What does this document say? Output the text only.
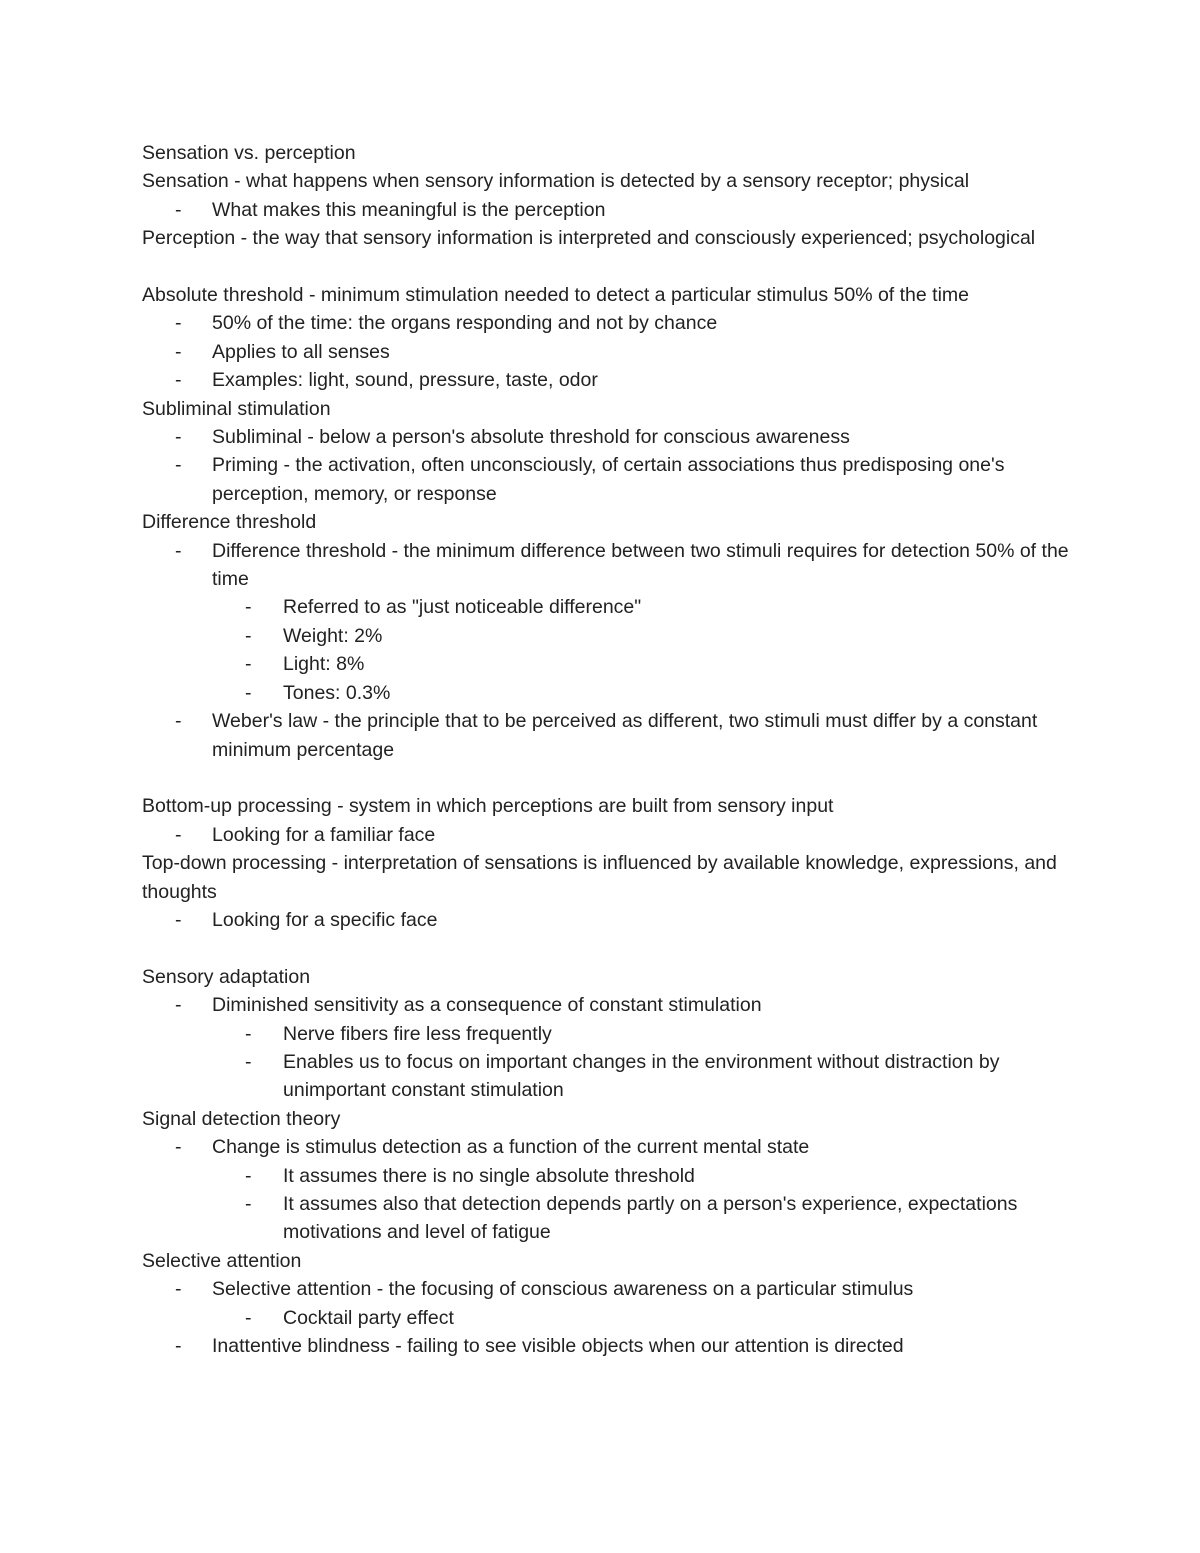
Sensation vs. perception
Sensation - what happens when sensory information is detected by a sensory receptor; physical
-	What makes this meaningful is the perception
Perception - the way that sensory information is interpreted and consciously experienced; psychological
Absolute threshold - minimum stimulation needed to detect a particular stimulus 50% of the time
-	50% of the time: the organs responding and not by chance
-	Applies to all senses
-	Examples: light, sound, pressure, taste, odor
Subliminal stimulation
-	Subliminal - below a person's absolute threshold for conscious awareness
-	Priming - the activation, often unconsciously, of certain associations thus predisposing one's perception, memory, or response
Difference threshold
-	Difference threshold - the minimum difference between two stimuli requires for detection 50% of the time
-	Referred to as "just noticeable difference"
-	Weight: 2%
-	Light: 8%
-	Tones: 0.3%
-	Weber's law - the principle that to be perceived as different, two stimuli must differ by a constant minimum percentage
Bottom-up processing - system in which perceptions are built from sensory input
-	Looking for a familiar face
Top-down processing - interpretation of sensations is influenced by available knowledge, expressions, and thoughts
-	Looking for a specific face
Sensory adaptation
-	Diminished sensitivity as a consequence of constant stimulation
-	Nerve fibers fire less frequently
-	Enables us to focus on important changes in the environment without distraction by unimportant constant stimulation
Signal detection theory
-	Change is stimulus detection as a function of the current mental state
-	It assumes there is no single absolute threshold
-	It assumes also that detection depends partly on a person's experience, expectations motivations and level of fatigue
Selective attention
-	Selective attention - the focusing of conscious awareness on a particular stimulus
-	Cocktail party effect
-	Inattentive blindness - failing to see visible objects when our attention is directed
